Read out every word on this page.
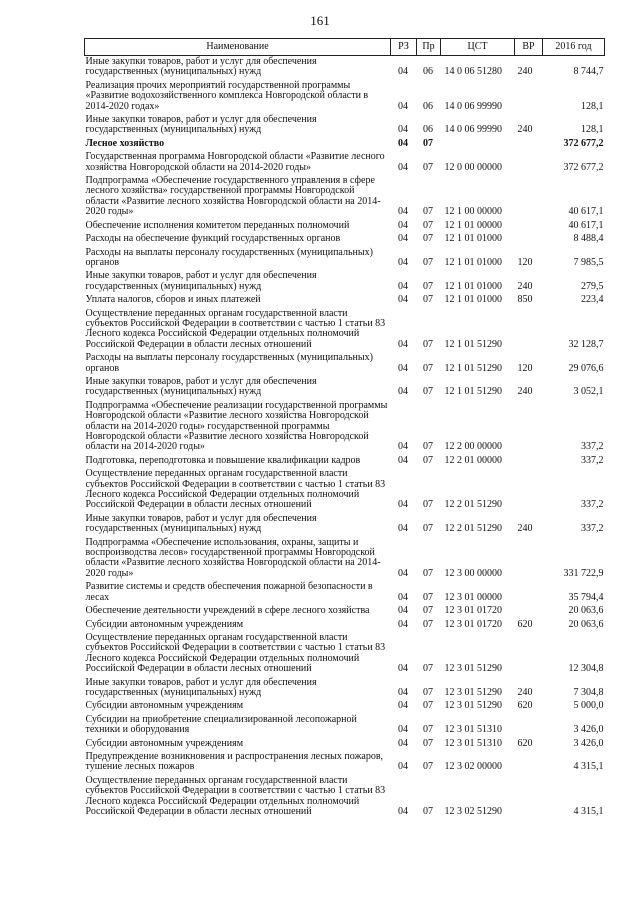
161
Наименование	РЗ	Пр	ЦСТ	ВР	2016 год
Иные закупки товаров, работ и услуг для обеспечения государственных (муниципальных) нужд	04	06	14 0 06 51280	240	8 744,7
Реализация прочих мероприятий государственной программы «Развитие водохозяйственного комплекса Новгородской области в 2014-2020 годах»	04	06	14 0 06 99990		128,1
Иные закупки товаров, работ и услуг для обеспечения государственных (муниципальных) нужд	04	06	14 0 06 99990	240	128,1
Лесное хозяйство	04	07			372 677,2
Государственная программа Новгородской области «Развитие лесного хозяйства Новгородской области на 2014-2020 годы»	04	07	12 0 00 00000		372 677,2
Подпрограмма «Обеспечение государственного управления в сфере лесного хозяйства» государственной программы Новгородской области «Развитие лесного хозяйства Новгородской области на 2014-2020 годы»	04	07	12 1 00 00000		40 617,1
Обеспечение исполнения комитетом переданных полномочий	04	07	12 1 01 00000		40 617,1
Расходы на обеспечение функций государственных органов	04	07	12 1 01 01000		8 488,4
Расходы на выплаты персоналу государственных (муниципальных) органов	04	07	12 1 01 01000	120	7 985,5
Иные закупки товаров, работ и услуг для обеспечения государственных (муниципальных) нужд	04	07	12 1 01 01000	240	279,5
Уплата налогов, сборов и иных платежей	04	07	12 1 01 01000	850	223,4
Осуществление переданных органам государственной власти субъектов Российской Федерации в соответствии с частью 1 статьи 83 Лесного кодекса Российской Федерации отдельных полномочий Российской Федерации в области лесных отношений	04	07	12 1 01 51290		32 128,7
Расходы на выплаты персоналу государственных (муниципальных) органов	04	07	12 1 01 51290	120	29 076,6
Иные закупки товаров, работ и услуг для обеспечения государственных (муниципальных) нужд	04	07	12 1 01 51290	240	3 052,1
Подпрограмма «Обеспечение реализации государственной программы Новгородской области «Развитие лесного хозяйства Новгородской области на 2014-2020 годы» государственной программы Новгородской области «Развитие лесного хозяйства Новгородской области на 2014-2020 годы»	04	07	12 2 00 00000		337,2
Подготовка, переподготовка и повышение квалификации кадров	04	07	12 2 01 00000		337,2
Осуществление переданных органам государственной власти субъектов Российской Федерации в соответствии с частью 1 статьи 83 Лесного кодекса Российской Федерации отдельных полномочий Российской Федерации в области лесных отношений	04	07	12 2 01 51290		337,2
Иные закупки товаров, работ и услуг для обеспечения государственных (муниципальных) нужд	04	07	12 2 01 51290	240	337,2
Подпрограмма «Обеспечение использования, охраны, защиты и воспроизводства лесов» государственной программы Новгородской области «Развитие лесного хозяйства Новгородской области на 2014-2020 годы»	04	07	12 3 00 00000		331 722,9
Развитие системы и средств обеспечения пожарной безопасности в лесах	04	07	12 3 01 00000		35 794,4
Обеспечение деятельности учреждений в сфере лесного хозяйства	04	07	12 3 01 01720		20 063,6
Субсидии автономным учреждениям	04	07	12 3 01 01720	620	20 063,6
Осуществление переданных органам государственной власти субъектов Российской Федерации в соответствии с частью 1 статьи 83 Лесного кодекса Российской Федерации отдельных полномочий Российской Федерации в области лесных отношений	04	07	12 3 01 51290		12 304,8
Иные закупки товаров, работ и услуг для обеспечения государственных (муниципальных) нужд	04	07	12 3 01 51290	240	7 304,8
Субсидии автономным учреждениям	04	07	12 3 01 51290	620	5 000,0
Субсидии на приобретение специализированной лесопожарной техники и оборудования	04	07	12 3 01 51310		3 426,0
Субсидии автономным учреждениям	04	07	12 3 01 51310	620	3 426,0
Предупреждение возникновения и распространения лесных пожаров, тушение лесных пожаров	04	07	12 3 02 00000		4 315,1
Осуществление переданных органам государственной власти субъектов Российской Федерации в соответствии с частью 1 статьи 83 Лесного кодекса Российской Федерации отдельных полномочий Российской Федерации в области лесных отношений	04	07	12 3 02 51290		4 315,1
